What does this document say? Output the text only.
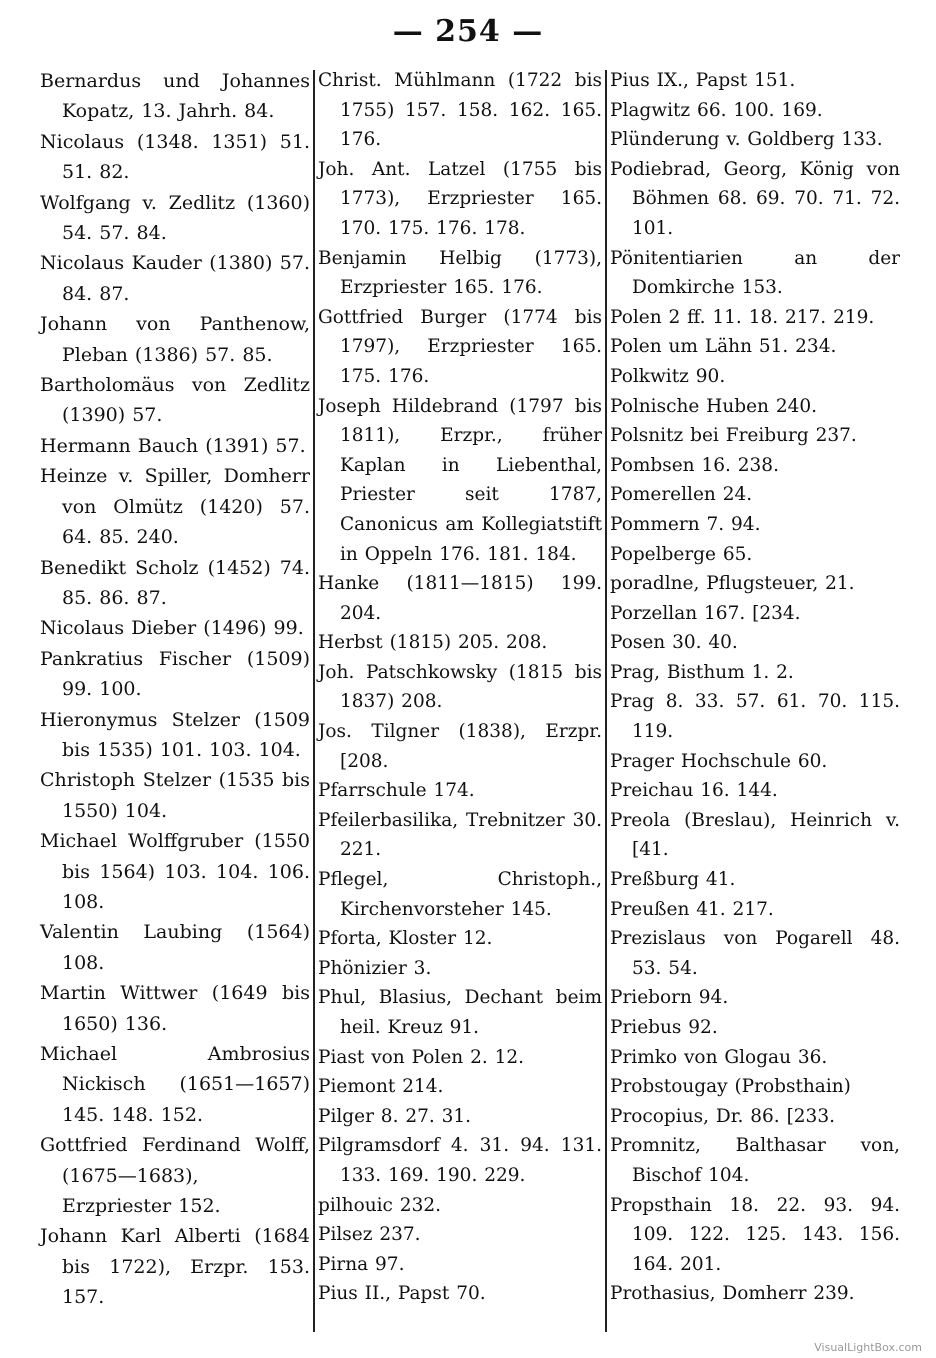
— 254 —
Bernardus und Johannes Kopatz, 13. Jahrh. 84.
Nicolaus (1348. 1351) 51. 51. 82.
Wolfgang v. Zedlitz (1360) 54. 57. 84.
Nicolaus Kauder (1380) 57. 84. 87.
Johann von Panthenow, Pleban (1386) 57. 85.
Bartholomäus von Zedlitz (1390) 57.
Hermann Bauch (1391) 57.
Heinze v. Spiller, Domherr von Olmütz (1420) 57. 64. 85. 240.
Benedikt Scholz (1452) 74. 85. 86. 87.
Nicolaus Dieber (1496) 99.
Pankratius Fischer (1509) 99. 100.
Hieronymus Stelzer (1509 bis 1535) 101. 103. 104.
Christoph Stelzer (1535 bis 1550) 104.
Michael Wolffgruber (1550 bis 1564) 103. 104. 106. 108.
Valentin Laubing (1564) 108.
Martin Wittwer (1649 bis 1650) 136.
Michael Ambrosius Nickisch (1651—1657) 145. 148. 152.
Gottfried Ferdinand Wolff, (1675—1683), Erzpriester 152.
Johann Karl Alberti (1684 bis 1722), Erzpr. 153. 157.
Christ. Mühlmann (1722 bis 1755) 157. 158. 162. 165. 176.
Joh. Ant. Latzel (1755 bis 1773), Erzpriester 165. 170. 175. 176. 178.
Benjamin Helbig (1773), Erzpriester 165. 176.
Gottfried Burger (1774 bis 1797), Erzpriester 165. 175. 176.
Joseph Hildebrand (1797 bis 1811), Erzpr., früher Kaplan in Liebenthal, Priester seit 1787, Canonicus am Kollegiatstift in Oppeln 176. 181. 184.
Hanke (1811—1815) 199. 204.
Herbst (1815) 205. 208.
Joh. Patschkowsky (1815 bis 1837) 208.
Jos. Tilgner (1838), Erzpr. [208.
Pfarrschule 174.
Pfeilerbasilika, Trebnitzer 30. 221.
Pflegel, Christoph., Kirchenvorsteher 145.
Pforta, Kloster 12.
Phönizier 3.
Phul, Blasius, Dechant beim heil. Kreuz 91.
Piast von Polen 2. 12.
Piemont 214.
Pilger 8. 27. 31.
Pilgramsdorf 4. 31. 94. 131. 133. 169. 190. 229.
pilhouic 232.
Pilsez 237.
Pirna 97.
Pius II., Papst 70.
Pius IX., Papst 151.
Plagwitz 66. 100. 169.
Plünderung v. Goldberg 133.
Podiebrad, Georg, König von Böhmen 68. 69. 70. 71. 72. 101.
Pönitentiarien an der Domkirche 153.
Polen 2 ff. 11. 18. 217. 219.
Polen um Lähn 51. 234.
Polkwitz 90.
Polnische Huben 240.
Polsnitz bei Freiburg 237.
Pombsen 16. 238.
Pomerellen 24.
Pommern 7. 94.
Popelberge 65.
poradlne, Pflugsteuer, 21.
Porzellan 167. [234.
Posen 30. 40.
Prag, Bisthum 1. 2.
Prag 8. 33. 57. 61. 70. 115. 119.
Prager Hochschule 60.
Preichau 16. 144.
Preola (Breslau), Heinrich v. [41.
Preßburg 41.
Preußen 41. 217.
Prezislaus von Pogarell 48. 53. 54.
Prieborn 94.
Priebus 92.
Primko von Glogau 36.
Probstougay (Probsthain)
Procopius, Dr. 86. [233.
Promnitz, Balthasar von, Bischof 104.
Propsthain 18. 22. 93. 94. 109. 122. 125. 143. 156. 164. 201.
Prothasius, Domherr 239.
VisualLightBox.com
